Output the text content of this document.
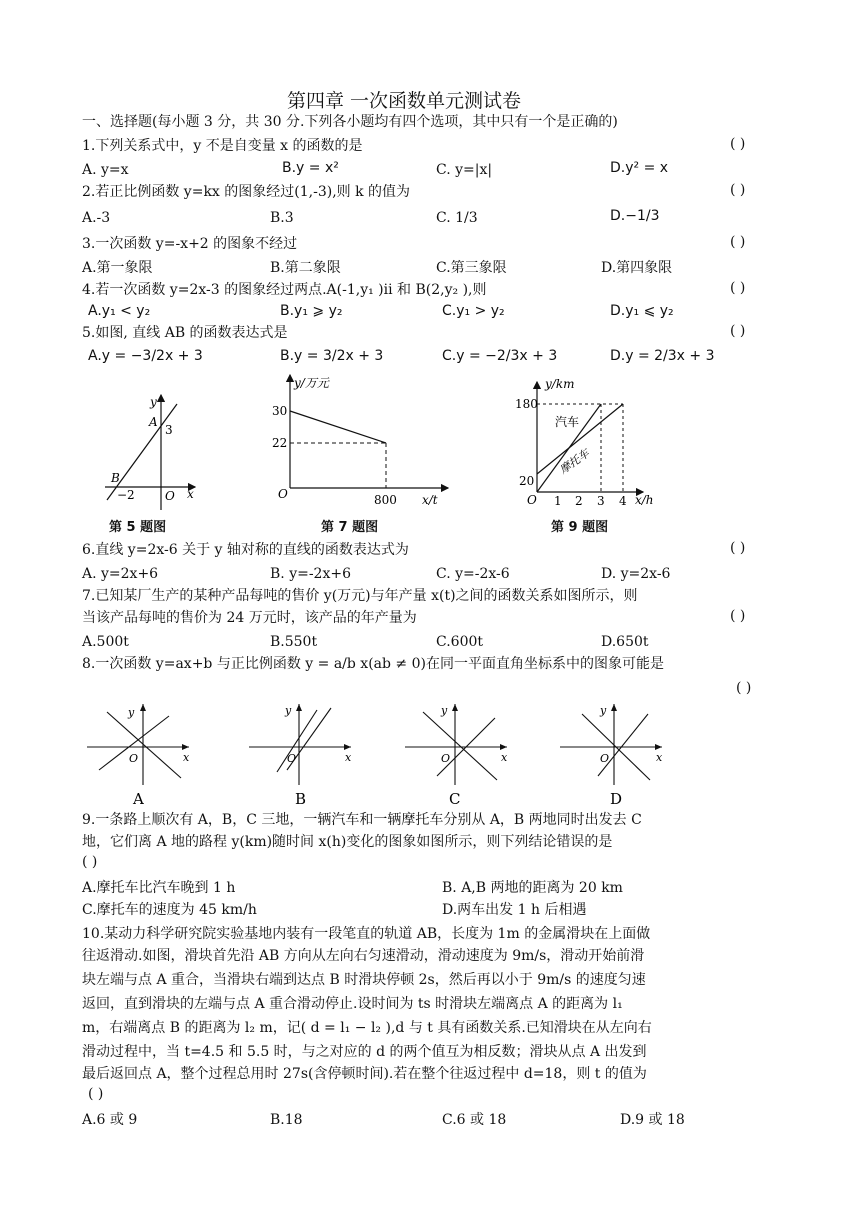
第四章 一次函数单元测试卷
一、选择题(每小题 3 分，共 30 分.下列各小题均有四个选项，其中只有一个是正确的)
1.下列关系式中，y 不是自变量 x 的函数的是	( )
A. y=x	B.y = x²	C. y=|x|	D.y² = x
2.若正比例函数 y=kx 的图象经过(1,-3),则 k 的值为	( )
A.-3	B.3	C. 1/3	D.−1/3
3.一次函数 y=-x+2 的图象不经过	( )
A.第一象限	B.第二象限	C.第三象限	D.第四象限
4.若一次函数 y=2x-3 的图象经过两点.A(-1,y₁ )ⅱ 和 B(2,y₂ ),则	( )
A.y₁ < y₂	B.y₁ ⩾ y₂	C.y₁ > y₂	D.y₁ ⩽ y₂
5.如图, 直线 AB 的函数表达式是	( )
A.y = −3/2x + 3	B.y = 3/2x + 3	C.y = −2/3x + 3	D.y = 2/3x + 3
y
x
O
A
3
B
−2
第 5 题图
y/万元
x/t
O
30
22
800
第 7 题图
y/km
x/h
O
180
20
1 2 3 4
汽车
摩托车
第 9 题图
6.直线 y=2x-6 关于 y 轴对称的直线的函数表达式为	( )
A. y=2x+6	B. y=-2x+6	C. y=-2x-6	D. y=2x-6
7.已知某厂生产的某种产品每吨的售价 y(万元)与年产量 x(t)之间的函数关系如图所示，则
当该产品每吨的售价为 24 万元时，该产品的年产量为	( )
A.500t	B.550t	C.600t	D.650t
8.一次函数 y=ax+b 与正比例函数 y = a/b x(ab ≠ 0)在同一平面直角坐标系中的图象可能是
( )
y
x
O
A
y
x
O
B
y
x
O
C
y
x
O
D
9.一条路上顺次有 A，B，C 三地，一辆汽车和一辆摩托车分别从 A，B 两地同时出发去 C
地，它们离 A 地的路程 y(km)随时间 x(h)变化的图象如图所示，则下列结论错误的是
( )
A.摩托车比汽车晚到 1 h	B. A,B 两地的距离为 20 km
C.摩托车的速度为 45 km/h	D.两车出发 1 h 后相遇
10.某动力科学研究院实验基地内装有一段笔直的轨道 AB，长度为 1m 的金属滑块在上面做
往返滑动.如图，滑块首先沿 AB 方向从左向右匀速滑动，滑动速度为 9m/s，滑动开始前滑
块左端与点 A 重合，当滑块右端到达点 B 时滑块停顿 2s，然后再以小于 9m/s 的速度匀速
返回，直到滑块的左端与点 A 重合滑动停止.设时间为 ts 时滑块左端离点 A 的距离为 l₁
m，右端离点 B 的距离为 l₂ m，记( d = l₁ − l₂ ),d 与 t 具有函数关系.已知滑块在从左向右
滑动过程中，当 t=4.5 和 5.5 时，与之对应的 d 的两个值互为相反数；滑块从点 A 出发到
最后返回点 A，整个过程总用时 27s(含停顿时间).若在整个往返过程中 d=18，则 t 的值为
( )
A.6 或 9	B.18	C.6 或 18	D.9 或 18
